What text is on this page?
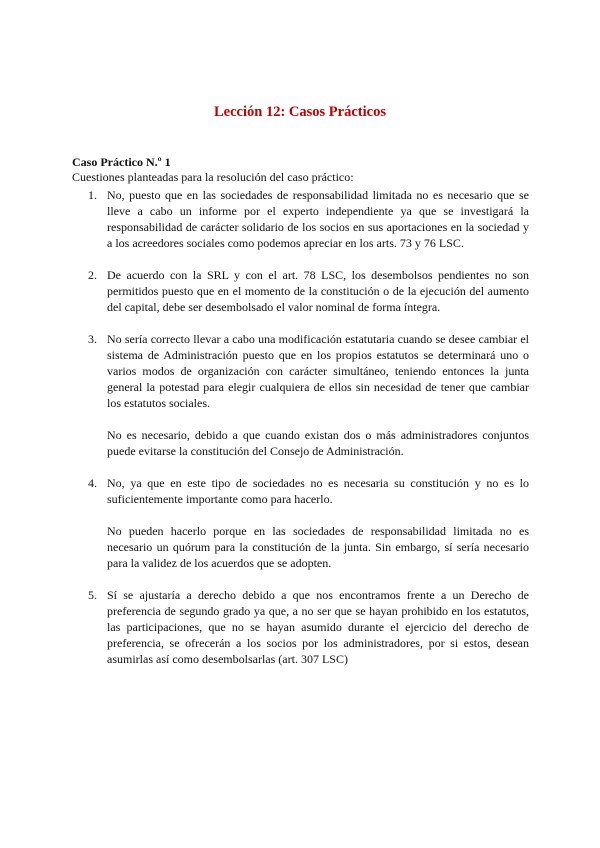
Lección 12: Casos Prácticos
Caso Práctico N.º 1
Cuestiones planteadas para la resolución del caso práctico:
1. No, puesto que en las sociedades de responsabilidad limitada no es necesario que se lleve a cabo un informe por el experto independiente ya que se investigará la responsabilidad de carácter solidario de los socios en sus aportaciones en la sociedad y a los acreedores sociales como podemos apreciar en los arts. 73 y 76 LSC.

2. De acuerdo con la SRL y con el art. 78 LSC, los desembolsos pendientes no son permitidos puesto que en el momento de la constitución o de la ejecución del aumento del capital, debe ser desembolsado el valor nominal de forma íntegra.

3. No sería correcto llevar a cabo una modificación estatutaria cuando se desee cambiar el sistema de Administración puesto que en los propios estatutos se determinará uno o varios modos de organización con carácter simultáneo, teniendo entonces la junta general la potestad para elegir cualquiera de ellos sin necesidad de tener que cambiar los estatutos sociales.

No es necesario, debido a que cuando existan dos o más administradores conjuntos puede evitarse la constitución del Consejo de Administración.

4. No, ya que en este tipo de sociedades no es necesaria su constitución y no es lo suficientemente importante como para hacerlo.

No pueden hacerlo porque en las sociedades de responsabilidad limitada no es necesario un quórum para la constitución de la junta. Sin embargo, sí sería necesario para la validez de los acuerdos que se adopten.

5. Sí se ajustaría a derecho debido a que nos encontramos frente a un Derecho de preferencia de segundo grado ya que, a no ser que se hayan prohibido en los estatutos, las participaciones, que no se hayan asumido durante el ejercicio del derecho de preferencia, se ofrecerán a los socios por los administradores, por si estos, desean asumirlas así como desembolsarlas (art. 307 LSC)
